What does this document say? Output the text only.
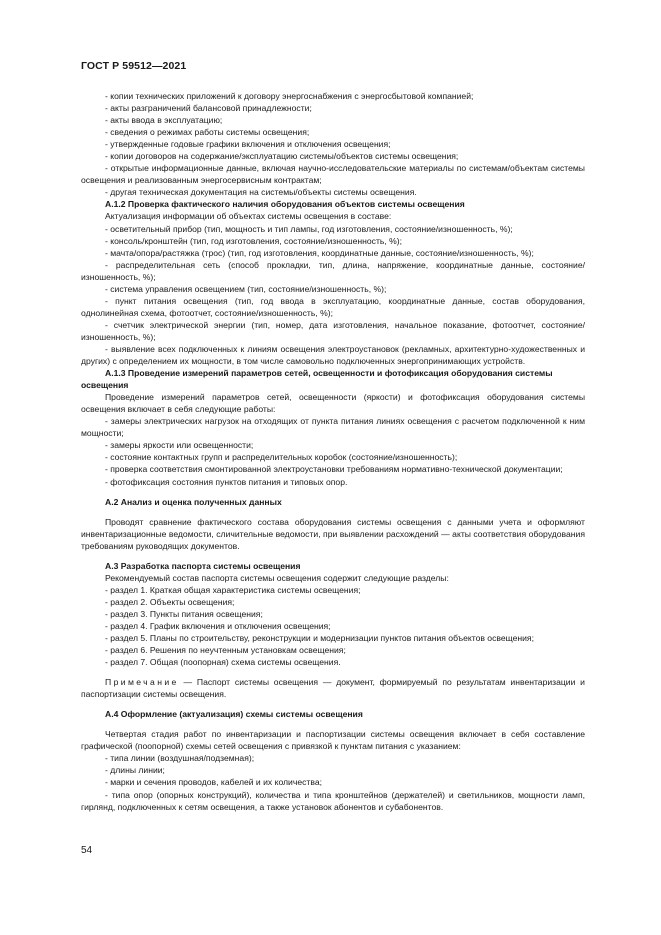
ГОСТ Р 59512—2021

- копии технических приложений к договору энергоснабжения с энергосбытовой компанией;

- акты разграничений балансовой принадлежности;

- акты ввода в эксплуатацию;

- сведения о режимах работы системы освещения;

- утвержденные годовые графики включения и отключения освещения;

- копии договоров на содержание/эксплуатацию системы/объектов системы освещения;

- открытые информационные данные, включая научно-исследовательские материалы по системам/объектам системы освещения и реализованным энергосервисным контрактам;

- другая техническая документация на системы/объекты системы освещения.

А.1.2 Проверка фактического наличия оборудования объектов системы освещения

Актуализация информации об объектах системы освещения в составе:

- осветительный прибор (тип, мощность и тип лампы, год изготовления, состояние/изношенность, %);

- консоль/кронштейн (тип, год изготовления, состояние/изношенность, %);

- мачта/опора/растяжка (трос) (тип, год изготовления, координатные данные, состояние/изношенность, %);

- распределительная сеть (способ прокладки, тип, длина, напряжение, координатные данные, состояние/изношенность, %);

- система управления освещением (тип, состояние/изношенность, %);

- пункт питания освещения (тип, год ввода в эксплуатацию, координатные данные, состав оборудования, однолинейная схема, фотоотчет, состояние/изношенность, %);

- счетчик электрической энергии (тип, номер, дата изготовления, начальное показание, фотоотчет, состояние/изношенность, %);

- выявление всех подключенных к линиям освещения электроустановок (рекламных, архитектурно-художественных и других) с определением их мощности, в том числе самовольно подключенных энергопринимающих устройств.

А.1.3 Проведение измерений параметров сетей, освещенности и фотофиксация оборудования системы освещения

Проведение измерений параметров сетей, освещенности (яркости) и фотофиксация оборудования системы освещения включает в себя следующие работы:

- замеры электрических нагрузок на отходящих от пункта питания линиях освещения с расчетом подключенной к ним мощности;

- замеры яркости или освещенности;

- состояние контактных групп и распределительных коробок (состояние/изношенность);

- проверка соответствия смонтированной электроустановки требованиям нормативно-технической документации;

- фотофиксация состояния пунктов питания и типовых опор.

А.2 Анализ и оценка полученных данных

Проводят сравнение фактического состава оборудования системы освещения с данными учета и оформляют инвентаризационные ведомости, сличительные ведомости, при выявлении расхождений — акты соответствия оборудования требованиям руководящих документов.

А.3 Разработка паспорта системы освещения

Рекомендуемый состав паспорта системы освещения содержит следующие разделы:

- раздел 1. Краткая общая характеристика системы освещения;

- раздел 2. Объекты освещения;

- раздел 3. Пункты питания освещения;

- раздел 4. График включения и отключения освещения;

- раздел 5. Планы по строительству, реконструкции и модернизации пунктов питания объектов освещения;

- раздел 6. Решения по неучтенным установкам освещения;

- раздел 7. Общая (поопорная) схема системы освещения.

Примечание — Паспорт системы освещения — документ, формируемый по результатам инвентаризации и паспортизации системы освещения.

А.4 Оформление (актуализация) схемы системы освещения

Четвертая стадия работ по инвентаризации и паспортизации системы освещения включает в себя составление графической (поопорной) схемы сетей освещения с привязкой к пунктам питания с указанием:

- типа линии (воздушная/подземная);

- длины линии;

- марки и сечения проводов, кабелей и их количества;

- типа опор (опорных конструкций), количества и типа кронштейнов (держателей) и светильников, мощности ламп, гирлянд, подключенных к сетям освещения, а также установок абонентов и субабонентов.

54
